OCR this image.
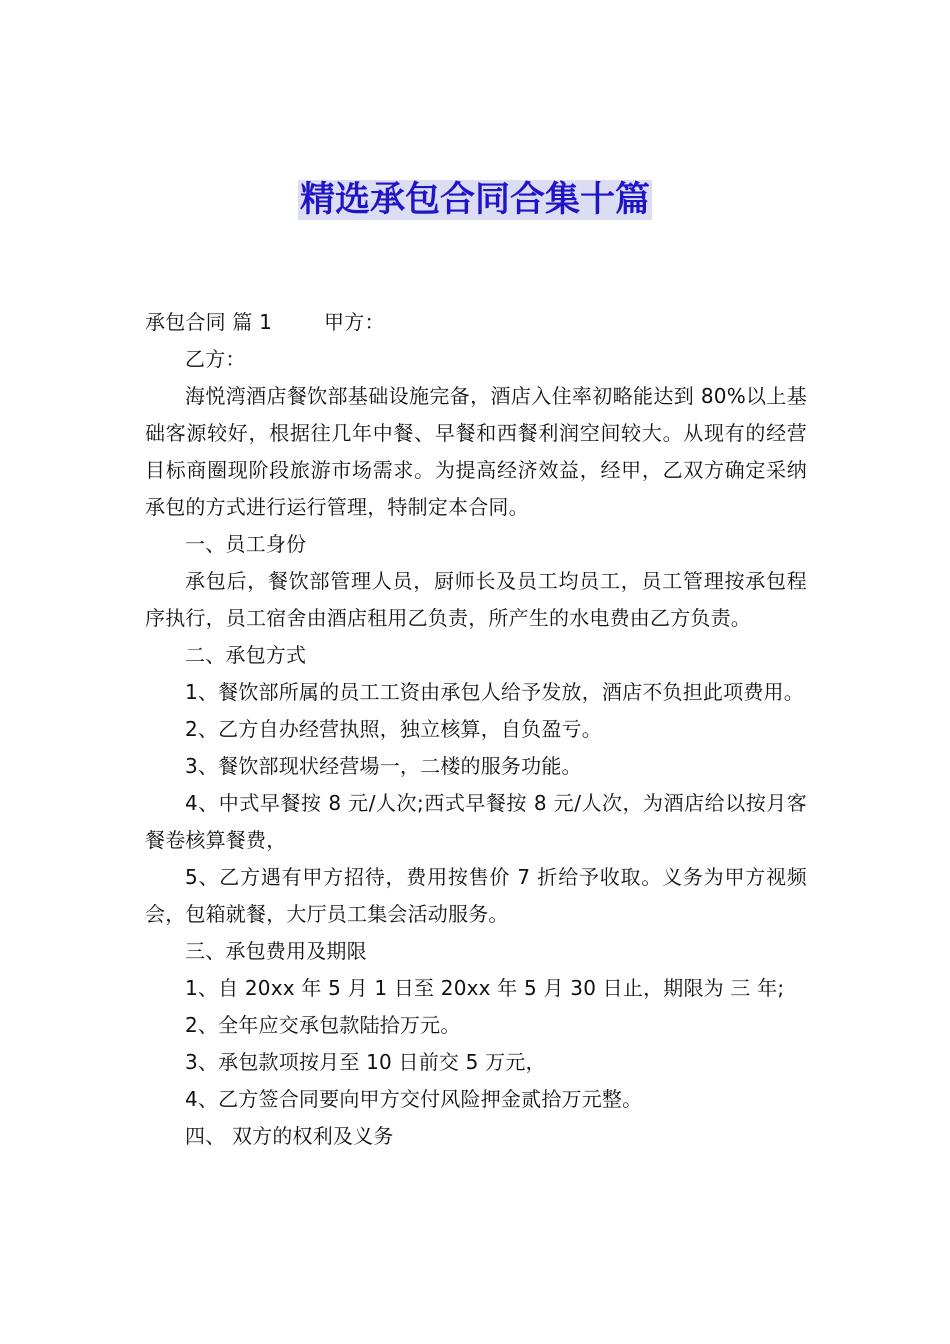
精选承包合同合集十篇

承包合同 篇 1	甲方：

乙方：

海悦湾酒店餐饮部基础设施完备，酒店入住率初略能达到 80%以上基础客源较好，根据往几年中餐、早餐和西餐利润空间较大。从现有的经营目标商圈现阶段旅游市场需求。为提高经济效益，经甲，乙双方确定采纳承包的方式进行运行管理，特制定本合同。

一、员工身份

承包后，餐饮部管理人员，厨师长及员工均员工，员工管理按承包程序执行，员工宿舍由酒店租用乙负责，所产生的水电费由乙方负责。

二、承包方式

1、餐饮部所属的员工工资由承包人给予发放，酒店不负担此项费用。

2、乙方自办经营执照，独立核算，自负盈亏。

3、餐饮部现状经营場一，二楼的服务功能。

4、中式早餐按 8 元/人次;西式早餐按 8 元/人次，为酒店给以按月客餐卷核算餐费，

5、乙方遇有甲方招待，费用按售价 7 折给予收取。义务为甲方视频会，包箱就餐，大厅员工集会活动服务。

三、承包费用及期限

1、自 20xx 年 5 月 1 日至 20xx 年 5 月 30 日止，期限为 三 年;

2、全年应交承包款陆拾万元。

3、承包款项按月至 10 日前交 5 万元，

4、乙方签合同要向甲方交付风险押金贰拾万元整。

四、 双方的权利及义务
